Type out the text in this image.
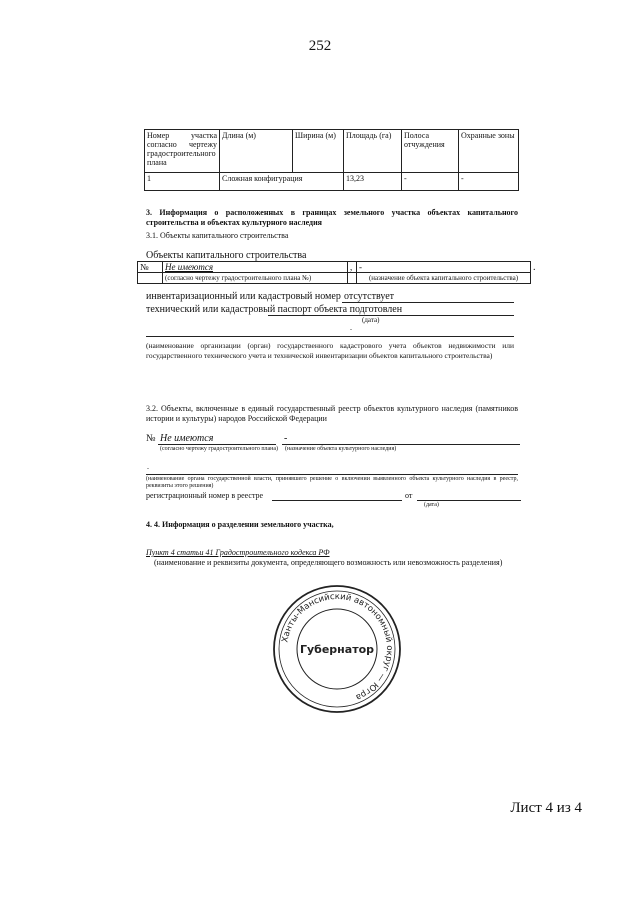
252
Номер участка согласно чертежу градостроительного плана	Длина (м)	Ширина (м)	Площадь (га)	Полоса отчуждения	Охранные зоны
1	Сложная конфигурация		13,23	-	-
3. Информация о расположенных в границах земельного участка объектах капитального строительства и объектах культурного наследия
3.1. Объекты капитального строительства
Объекты капитального строительства
№	Не имеются	,	-
	(согласно чертежу градостроительного плана №)		(назначение объекта капитального строительства)
.
инвентаризационный или кадастровый номер отсутствует
технический или кадастровый паспорт объекта подготовлен
(дата)
-
(наименование организации (орган) государственного кадастрового учета объектов недвижимости или государственного технического учета и технической инвентаризации объектов капитального строительства)
3.2. Объекты, включенные в единый государственный реестр объектов культурного наследия (памятников истории и культуры) народов Российской Федерации
№ Не имеются	-
(согласно чертежу градостроительного плана)	(назначение объекта культурного наследия)
-
(наименование органа государственной власти, принявшего решение о включении выявленного объекта культурного наследия в реестр, реквизиты этого решения)
регистрационный номер в реестре	от
(дата)
4. 4. Информация о разделении земельного участка,
Пункт 4 статьи 41 Градостроительного кодекса РФ
(наименование и реквизиты документа, определяющего возможность или невозможность разделения)
Ханты-Мансийский автономный округ — Югра
Губернатор
Лист 4 из 4
